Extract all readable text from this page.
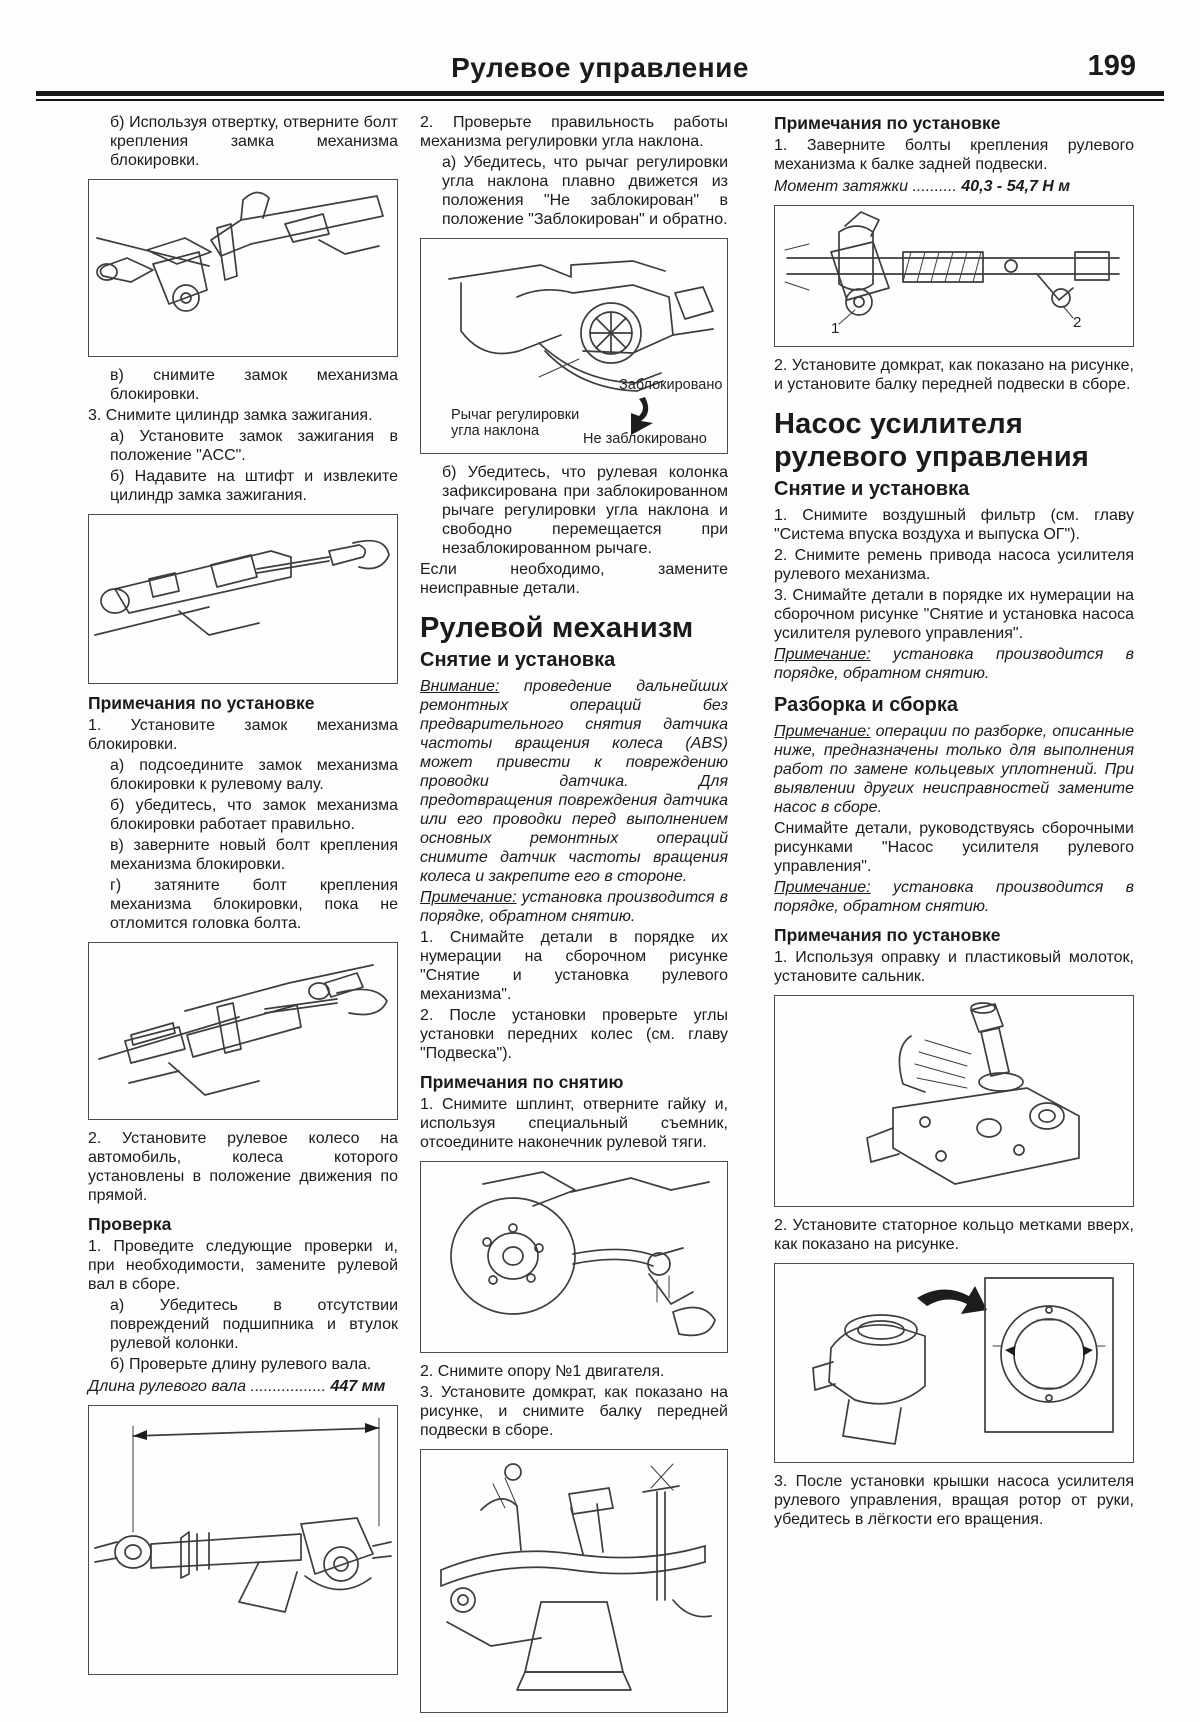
Рулевое управление	199

б) Используя отвертку, отверните болт крепления замка механизма блокировки.

в) снимите замок механизма блокировки.

3. Снимите цилиндр замка зажигания.

а) Установите замок зажигания в положение "ACC".

б) Надавите на штифт и извлеките цилиндр замка зажигания.

Примечания по установке

1. Установите замок механизма блокировки.

а) подсоедините замок механизма блокировки к рулевому валу.

б) убедитесь, что замок механизма блокировки работает правильно.

в) заверните новый болт крепления механизма блокировки.

г) затяните болт крепления механизма блокировки, пока не отломится головка болта.

2. Установите рулевое колесо на автомобиль, колеса которого установлены в положение движения по прямой.

Проверка

1. Проведите следующие проверки и, при необходимости, замените рулевой вал в сборе.

а) Убедитесь в отсутствии повреждений подшипника и втулок рулевой колонки.

б) Проверьте длину рулевого вала.

Длина рулевого вала ................. 447 мм

2. Проверьте правильность работы механизма регулировки угла наклона.

а) Убедитесь, что рычаг регулировки угла наклона плавно движется из положения "Не заблокирован" в положение "Заблокирован" и обратно.

Заблокировано
Рычаг регулировки угла наклона	Не заблокировано

б) Убедитесь, что рулевая колонка зафиксирована при заблокированном рычаге регулировки угла наклона и свободно перемещается при незаблокированном рычаге.

Если необходимо, замените неисправные детали.

Рулевой механизм
Снятие и установка

Внимание: проведение дальнейших ремонтных операций без предварительного снятия датчика частоты вращения колеса (ABS) может привести к повреждению проводки датчика. Для предотвращения повреждения датчика или его проводки перед выполнением основных ремонтных операций снимите датчик частоты вращения колеса и закрепите его в стороне.

Примечание: установка производится в порядке, обратном снятию.

1. Снимайте детали в порядке их нумерации на сборочном рисунке "Снятие и установка рулевого механизма".

2. После установки проверьте углы установки передних колес (см. главу "Подвеска").

Примечания по снятию

1. Снимите шплинт, отверните гайку и, используя специальный съемник, отсоедините наконечник рулевой тяги.

2. Снимите опору №1 двигателя.

3. Установите домкрат, как показано на рисунке, и снимите балку передней подвески в сборе.

Примечания по установке

1. Заверните болты крепления рулевого механизма к балке задней подвески.

Момент затяжки .......... 40,3 - 54,7 Н м

1	2

2. Установите домкрат, как показано на рисунке, и установите балку передней подвески в сборе.

Насос усилителя рулевого управления
Снятие и установка

1. Снимите воздушный фильтр (см. главу "Система впуска воздуха и выпуска ОГ").

2. Снимите ремень привода насоса усилителя рулевого механизма.

3. Снимайте детали в порядке их нумерации на сборочном рисунке "Снятие и установка насоса усилителя рулевого управления".

Примечание: установка производится в порядке, обратном снятию.

Разборка и сборка

Примечание: операции по разборке, описанные ниже, предназначены только для выполнения работ по замене кольцевых уплотнений. При выявлении других неисправностей замените насос в сборе.

Снимайте детали, руководствуясь сборочными рисунками "Насос усилителя рулевого управления".

Примечание: установка производится в порядке, обратном снятию.

Примечания по установке

1. Используя оправку и пластиковый молоток, установите сальник.

2. Установите статорное кольцо метками вверх, как показано на рисунке.

3. После установки крышки насоса усилителя рулевого управления, вращая ротор от руки, убедитесь в лёгкости его вращения.
